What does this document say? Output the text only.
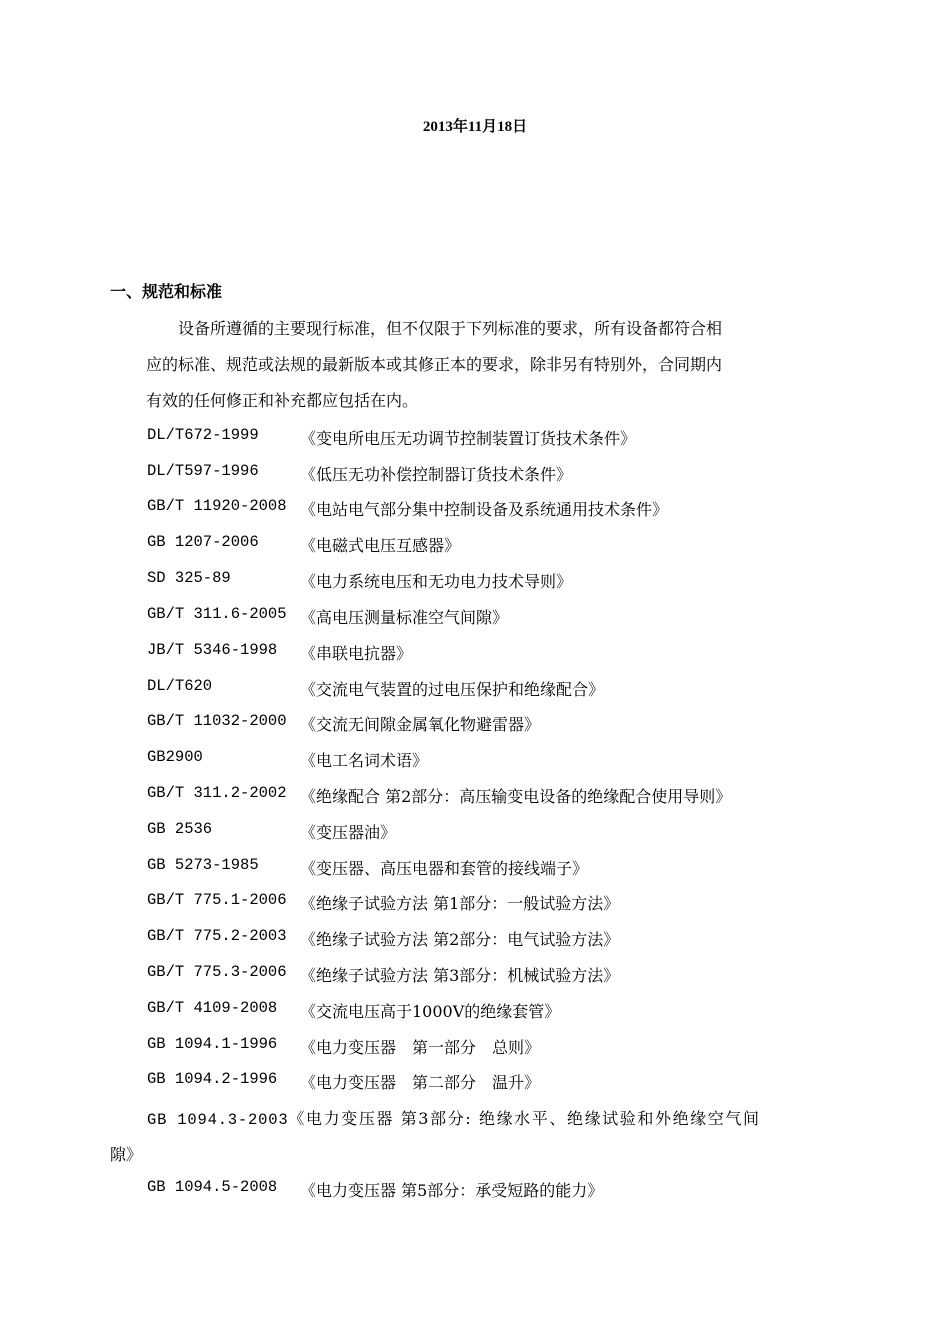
2013年11月18日
一、规范和标准
设备所遵循的主要现行标准，但不仅限于下列标准的要求，所有设备都符合相
应的标准、规范或法规的最新版本或其修正本的要求，除非另有特别外，合同期内
有效的任何修正和补充都应包括在内。
DL/T672-1999	《变电所电压无功调节控制装置订货技术条件》
DL/T597-1996	《低压无功补偿控制器订货技术条件》
GB/T 11920-2008 《电站电气部分集中控制设备及系统通用技术条件》
GB 1207-2006	《电磁式电压互感器》
SD 325-89	《电力系统电压和无功电力技术导则》
GB/T 311.6-2005 《高电压测量标准空气间隙》
JB/T 5346-1998 《串联电抗器》
DL/T620	《交流电气装置的过电压保护和绝缘配合》
GB/T 11032-2000 《交流无间隙金属氧化物避雷器》
GB2900	《电工名词术语》
GB/T 311.2-2002 《绝缘配合 第2部分：高压输变电设备的绝缘配合使用导则》
GB 2536	《变压器油》
GB 5273-1985	《变压器、高压电器和套管的接线端子》
GB/T 775.1-2006 《绝缘子试验方法 第1部分：一般试验方法》
GB/T 775.2-2003 《绝缘子试验方法 第2部分：电气试验方法》
GB/T 775.3-2006 《绝缘子试验方法 第3部分：机械试验方法》
GB/T 4109-2008 《交流电压高于1000V的绝缘套管》
GB 1094.1-1996 《电力变压器　第一部分　总则》
GB 1094.2-1996 《电力变压器　第二部分　温升》
GB 1094.3-2003《电力变压器 第3部分: 绝缘水平、绝缘试验和外绝缘空气间
隙》
GB 1094.5-2008 《电力变压器 第5部分：承受短路的能力》
